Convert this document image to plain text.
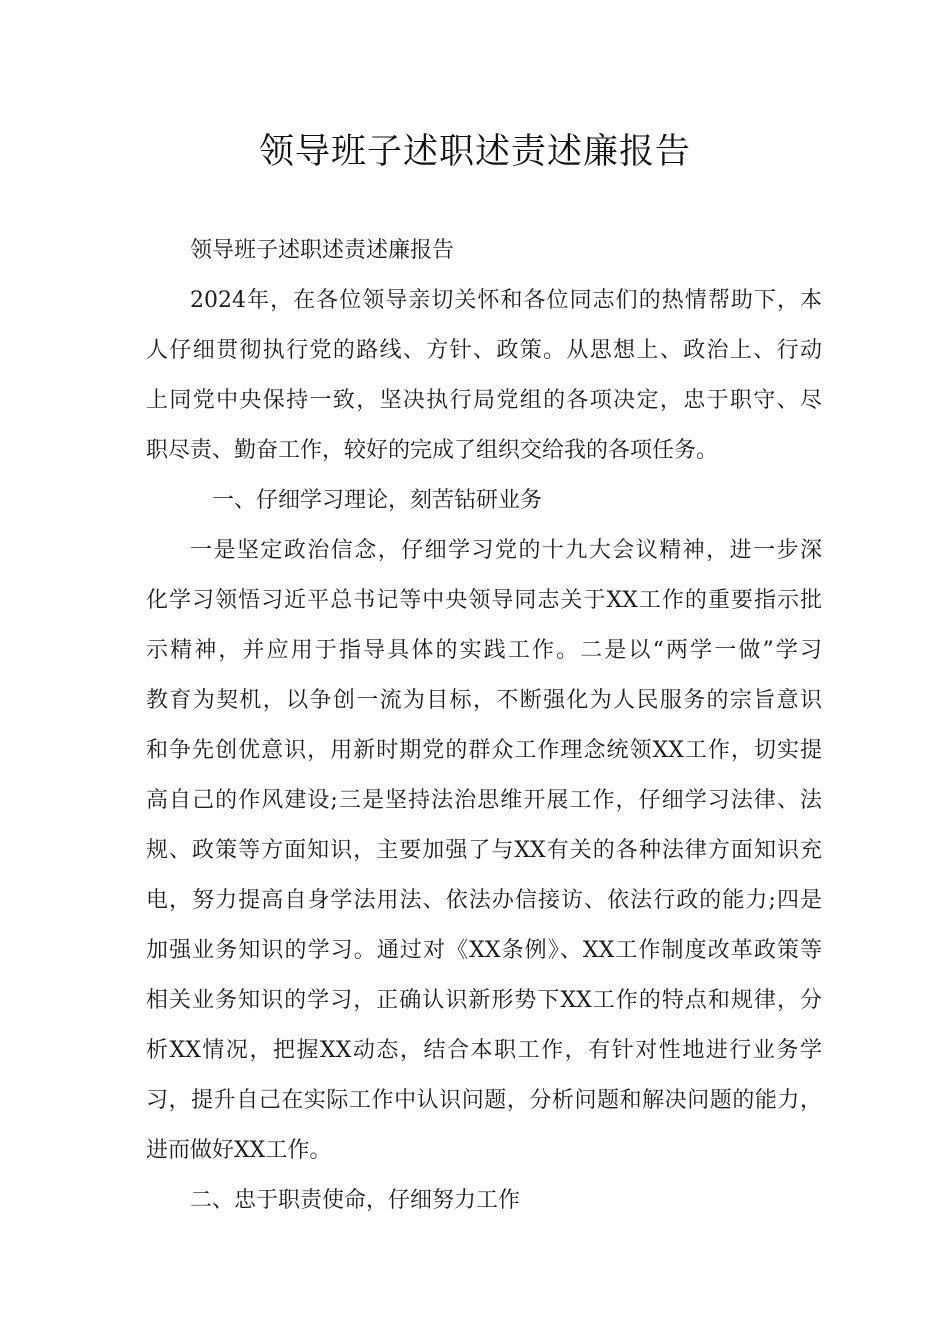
领导班子述职述责述廉报告
领导班子述职述责述廉报告
2024年，在各位领导亲切关怀和各位同志们的热情帮助下，本
人仔细贯彻执行党的路线、方针、政策。从思想上、政治上、行动
上同党中央保持一致，坚决执行局党组的各项决定，忠于职守、尽
职尽责、勤奋工作，较好的完成了组织交给我的各项任务。
一、仔细学习理论，刻苦钻研业务
一是坚定政治信念，仔细学习党的十九大会议精神，进一步深
化学习领悟习近平总书记等中央领导同志关于XX工作的重要指示批
示精神，并应用于指导具体的实践工作。二是以“两学一做”学习
教育为契机，以争创一流为目标，不断强化为人民服务的宗旨意识
和争先创优意识，用新时期党的群众工作理念统领XX工作，切实提
高自己的作风建设;三是坚持法治思维开展工作，仔细学习法律、法
规、政策等方面知识，主要加强了与XX有关的各种法律方面知识充
电，努力提高自身学法用法、依法办信接访、依法行政的能力;四是
加强业务知识的学习。通过对《XX条例》、XX工作制度改革政策等
相关业务知识的学习，正确认识新形势下XX工作的特点和规律，分
析XX情况，把握XX动态，结合本职工作，有针对性地进行业务学
习，提升自己在实际工作中认识问题，分析问题和解决问题的能力，
进而做好XX工作。
二、忠于职责使命，仔细努力工作
